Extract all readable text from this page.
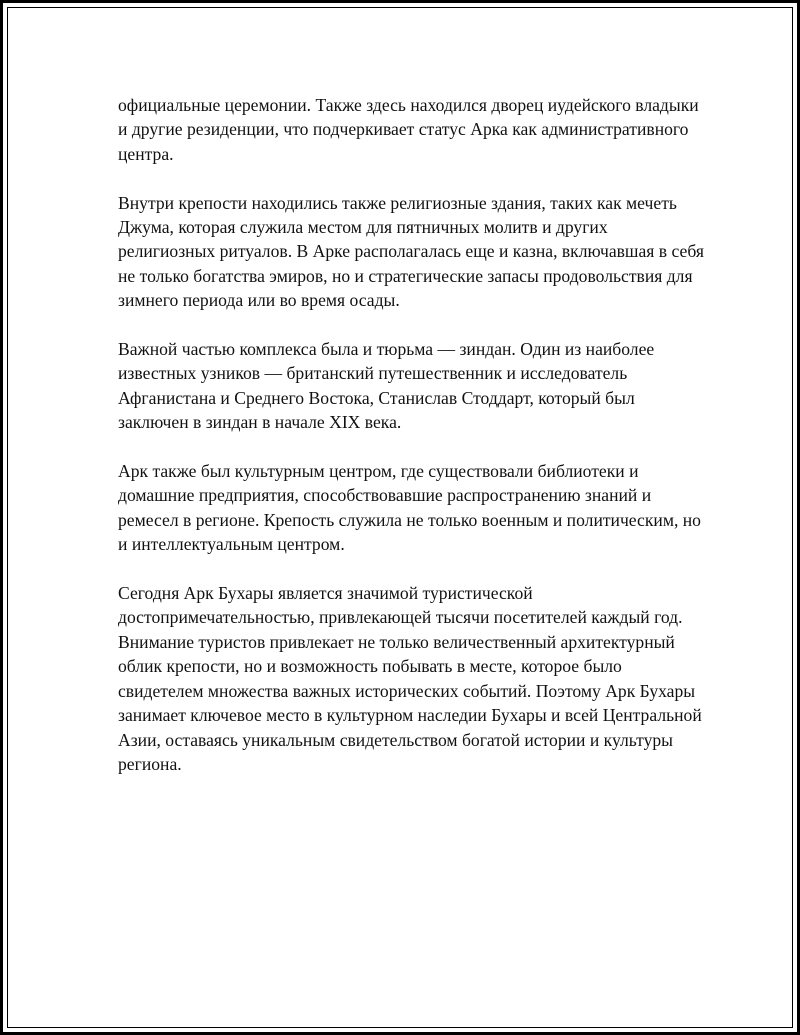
официальные церемонии. Также здесь находился дворец иудейского владыки и другие резиденции, что подчеркивает статус Арка как административного центра.

Внутри крепости находились также религиозные здания, таких как мечеть Джума, которая служила местом для пятничных молитв и других религиозных ритуалов. В Арке располагалась еще и казна, включавшая в себя не только богатства эмиров, но и стратегические запасы продовольствия для зимнего периода или во время осады.

Важной частью комплекса была и тюрьма — зиндан. Один из наиболее известных узников — британский путешественник и исследователь Афганистана и Среднего Востока, Станислав Стоддарт, который был заключен в зиндан в начале XIX века.

Арк также был культурным центром, где существовали библиотеки и домашние предприятия, способствовавшие распространению знаний и ремесел в регионе. Крепость служила не только военным и политическим, но и интеллектуальным центром.

Сегодня Арк Бухары является значимой туристической достопримечательностью, привлекающей тысячи посетителей каждый год. Внимание туристов привлекает не только величественный архитектурный облик крепости, но и возможность побывать в месте, которое было свидетелем множества важных исторических событий. Поэтому Арк Бухары занимает ключевое место в культурном наследии Бухары и всей Центральной Азии, оставаясь уникальным свидетельством богатой истории и культуры региона.
